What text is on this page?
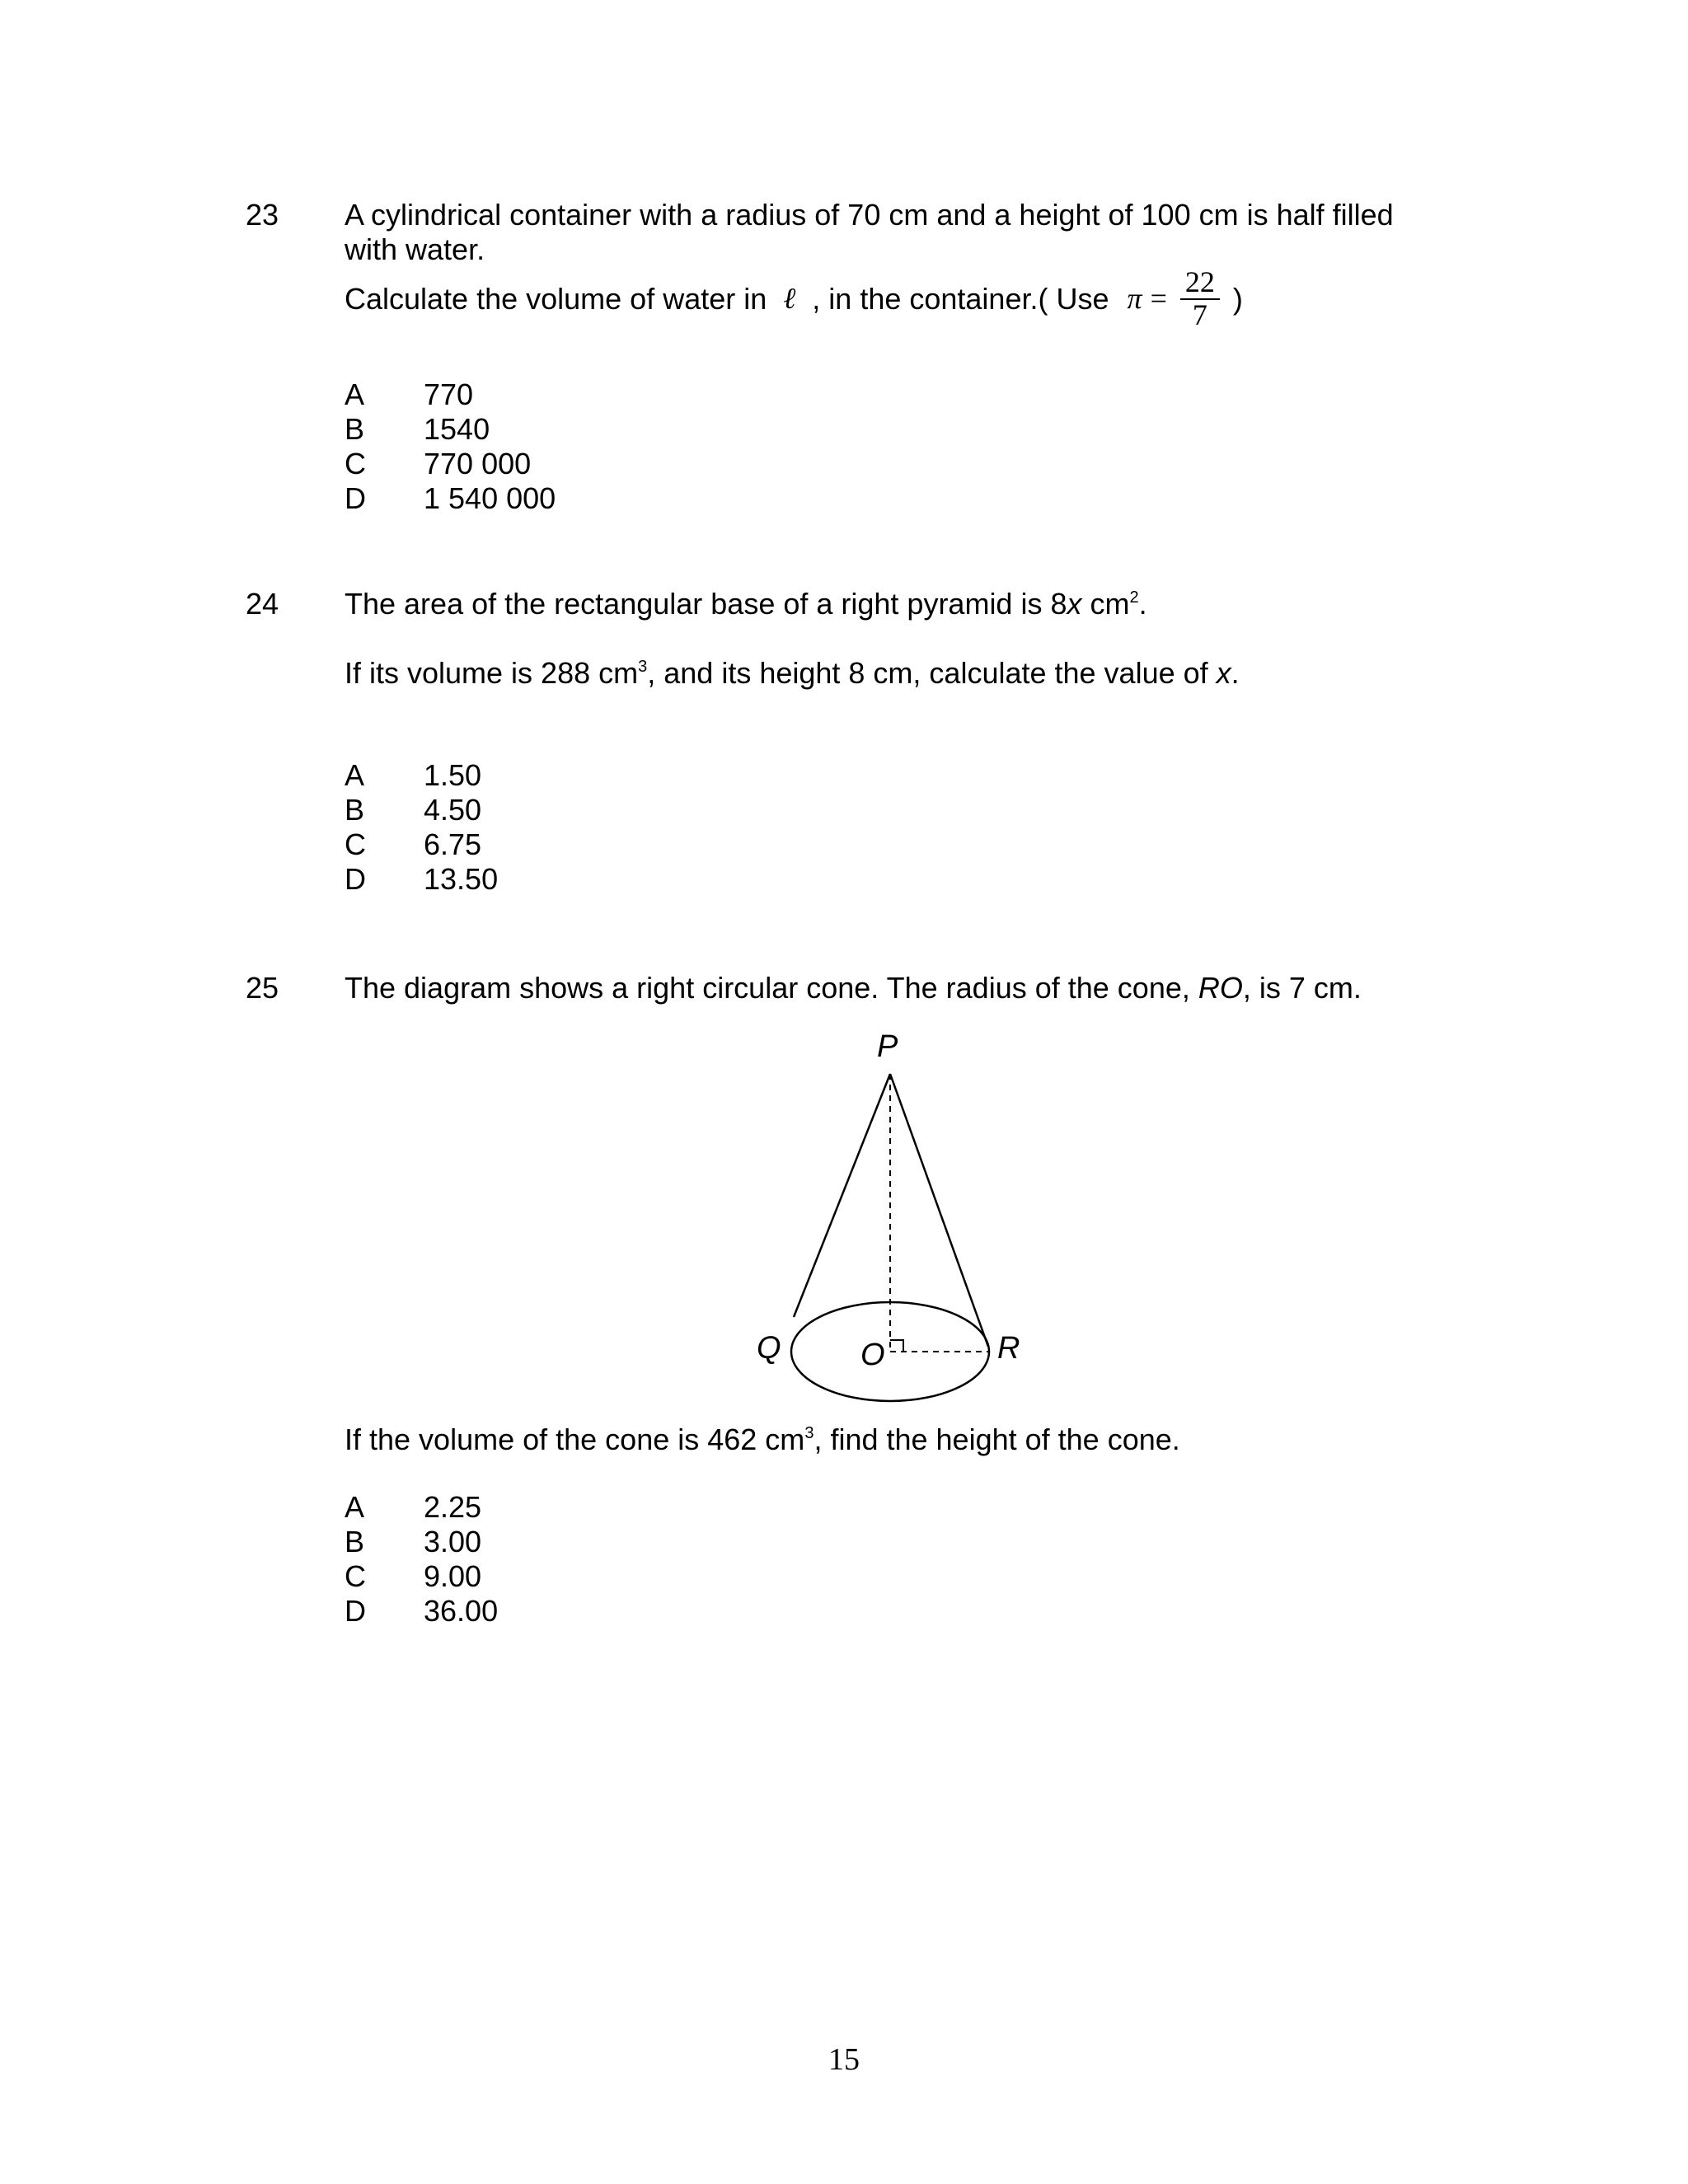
23 A cylindrical container with a radius of 70 cm and a height of 100 cm is half filled
with water.
Calculate the volume of water in ℓ , in the container.( Use $\pi = \frac{22}{7}$ )
A 770
B 1540
C 770 000
D 1 540 000
24 The area of the rectangular base of a right pyramid is 8x $cm^2$.
If its volume is 288 $cm^3$, and its height 8 cm, calculate the value of x.
A 1.50
B 4.50
C 6.75
D 13.50
25 The diagram shows a right circular cone. The radius of the cone, RO, is 7 cm.
P
Q	O	R
If the volume of the cone is 462 $cm^3$, find the height of the cone.
A 2.25
B 3.00
C 9.00
D 36.00
15
